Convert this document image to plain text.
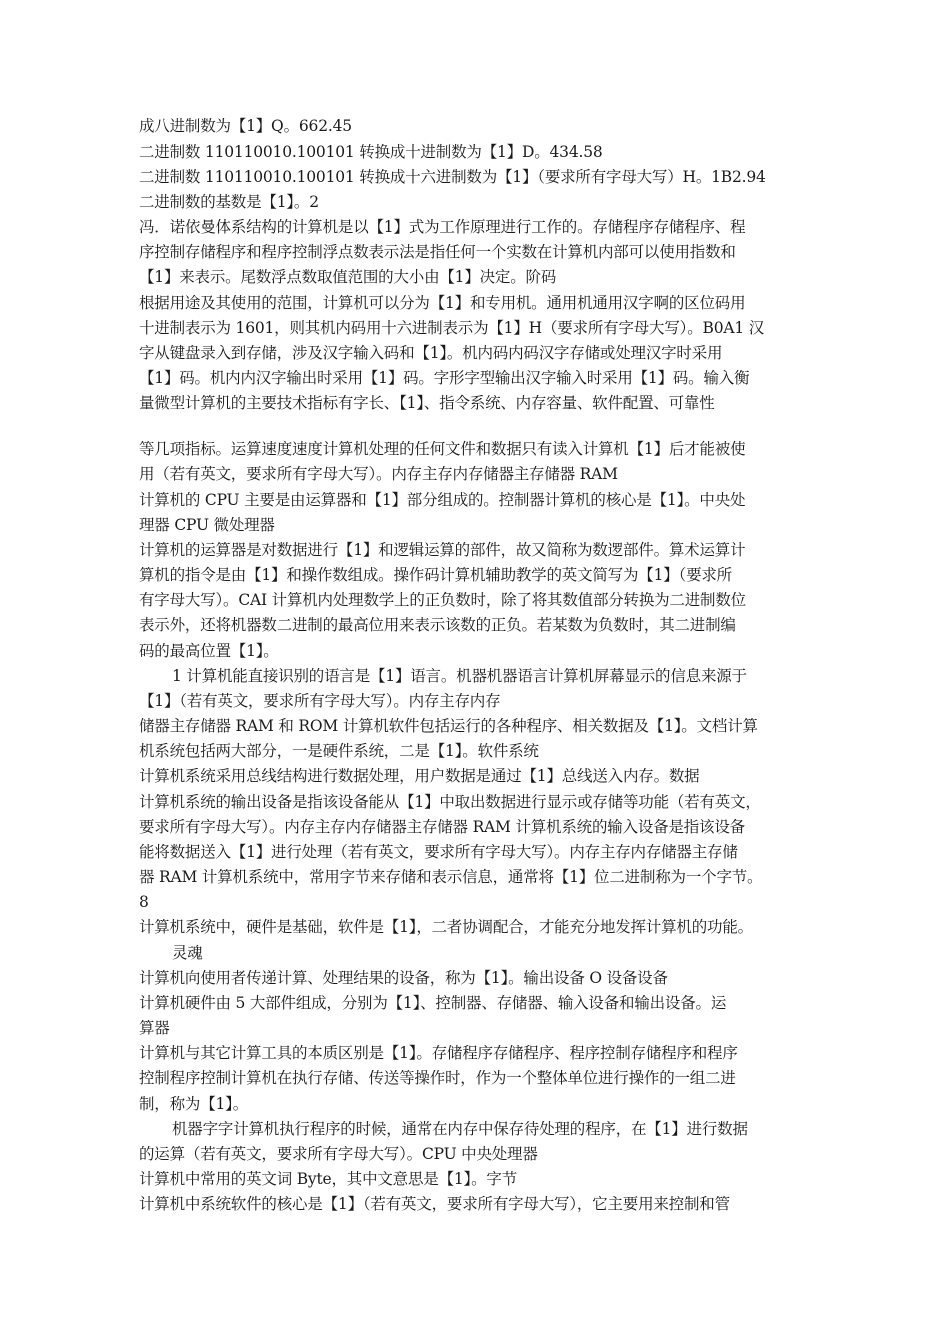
成八进制数为【1】Q。662.45
二进制数 110110010.100101 转换成十进制数为【1】D。434.58
二进制数 110110010.100101 转换成十六进制数为【1】（要求所有字母大写）H。1B2.94
二进制数的基数是【1】。2
冯．诺依曼体系结构的计算机是以【1】式为工作原理进行工作的。存储程序存储程序、程
序控制存储程序和程序控制浮点数表示法是指任何一个实数在计算机内部可以使用指数和
【1】来表示。尾数浮点数取值范围的大小由【1】决定。阶码
根据用途及其使用的范围，计算机可以分为【1】和专用机。通用机通用汉字啊的区位码用
十进制表示为 1601，则其机内码用十六进制表示为【1】H（要求所有字母大写）。B0A1 汉
字从键盘录入到存储，涉及汉字输入码和【1】。机内码内码汉字存储或处理汉字时采用
【1】码。机内内汉字输出时采用【1】码。字形字型输出汉字输入时采用【1】码。输入衡
量微型计算机的主要技术指标有字长、【1】、指令系统、内存容量、软件配置、可靠性
等几项指标。运算速度速度计算机处理的任何文件和数据只有读入计算机【1】后才能被使
用（若有英文，要求所有字母大写）。内存主存内存储器主存储器 RAM
计算机的 CPU 主要是由运算器和【1】部分组成的。控制器计算机的核心是【1】。中央处
理器 CPU 微处理器
计算机的运算器是对数据进行【1】和逻辑运算的部件，故又简称为数逻部件。算术运算计
算机的指令是由【1】和操作数组成。操作码计算机辅助教学的英文简写为【1】（要求所
有字母大写）。CAI 计算机内处理数学上的正负数时，除了将其数值部分转换为二进制数位
表示外，还将机器数二进制的最高位用来表示该数的正负。若某数为负数时，其二进制编
码的最高位置【1】。
1 计算机能直接识别的语言是【1】语言。机器机器语言计算机屏幕显示的信息来源于
【1】（若有英文，要求所有字母大写）。内存主存内存
储器主存储器 RAM 和 ROM 计算机软件包括运行的各种程序、相关数据及【1】。文档计算
机系统包括两大部分，一是硬件系统，二是【1】。软件系统
计算机系统采用总线结构进行数据处理，用户数据是通过【1】总线送入内存。数据
计算机系统的输出设备是指该设备能从【1】中取出数据进行显示或存储等功能（若有英文，
要求所有字母大写）。内存主存内存储器主存储器 RAM 计算机系统的输入设备是指该设备
能将数据送入【1】进行处理（若有英文，要求所有字母大写）。内存主存内存储器主存储
器 RAM 计算机系统中，常用字节来存储和表示信息，通常将【1】位二进制称为一个字节。
8
计算机系统中，硬件是基础，软件是【1】，二者协调配合，才能充分地发挥计算机的功能。
灵魂
计算机向使用者传递计算、处理结果的设备，称为【1】。输出设备 O 设备设备
计算机硬件由 5 大部件组成，分别为【1】、控制器、存储器、输入设备和输出设备。运
算器
计算机与其它计算工具的本质区别是【1】。存储程序存储程序、程序控制存储程序和程序
控制程序控制计算机在执行存储、传送等操作时，作为一个整体单位进行操作的一组二进
制，称为【1】。
机器字字计算机执行程序的时候，通常在内存中保存待处理的程序，在【1】进行数据
的运算（若有英文，要求所有字母大写）。CPU 中央处理器
计算机中常用的英文词 Byte，其中文意思是【1】。字节
计算机中系统软件的核心是【1】（若有英文，要求所有字母大写），它主要用来控制和管
